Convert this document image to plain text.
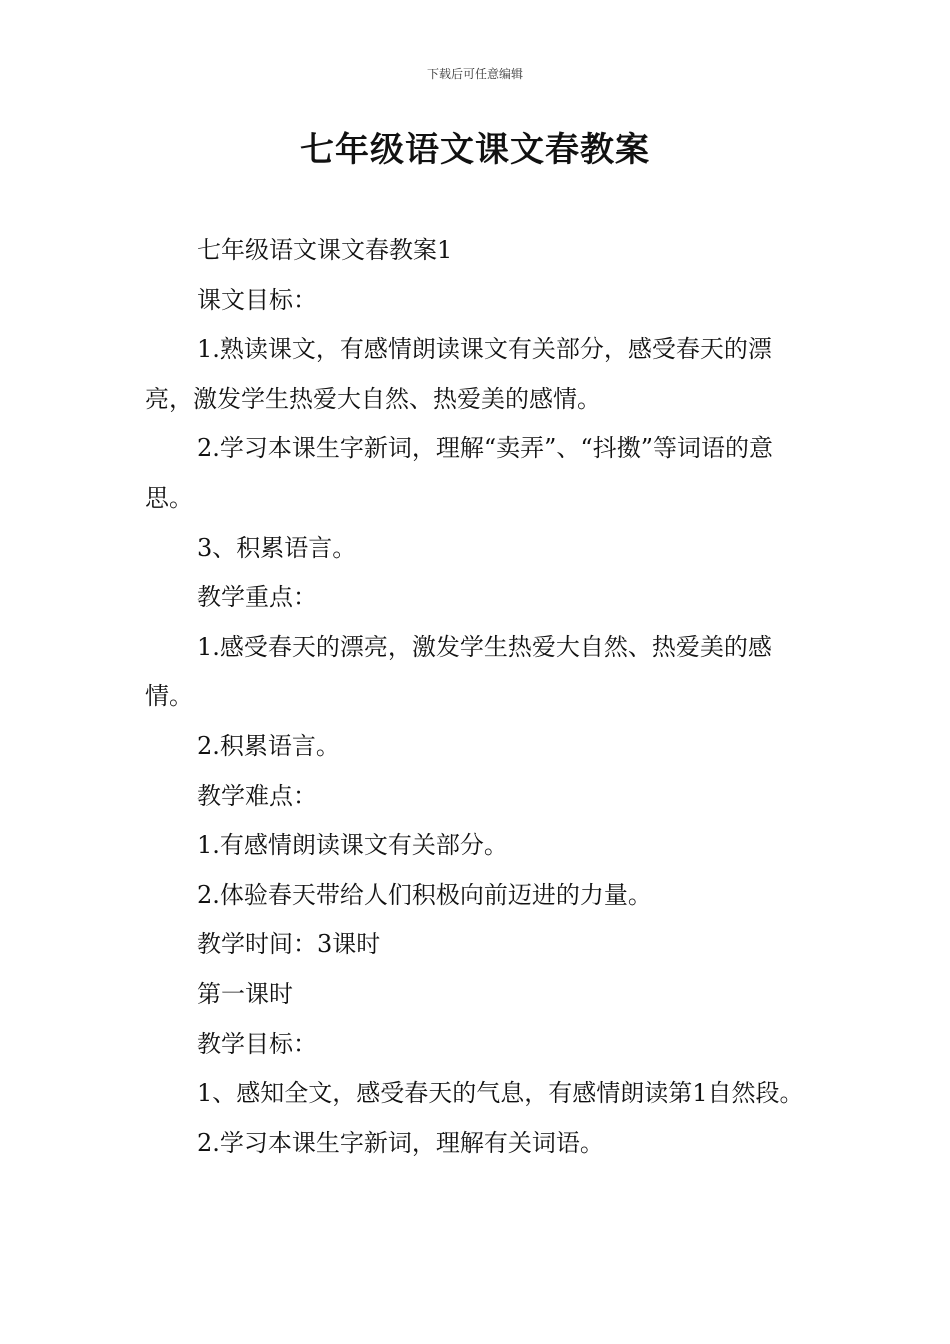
下载后可任意编辑
七年级语文课文春教案

七年级语文课文春教案1

课文目标：

1.熟读课文，有感情朗读课文有关部分，感受春天的漂亮，激发学生热爱大自然、热爱美的感情。

2.学习本课生字新词，理解“卖弄”、“抖擞”等词语的意思。

3、积累语言。

教学重点：

1.感受春天的漂亮，激发学生热爱大自然、热爱美的感情。

2.积累语言。

教学难点：

1.有感情朗读课文有关部分。

2.体验春天带给人们积极向前迈进的力量。

教学时间：3课时

第一课时

教学目标：

1、感知全文，感受春天的气息，有感情朗读第1自然段。

2.学习本课生字新词，理解有关词语。
